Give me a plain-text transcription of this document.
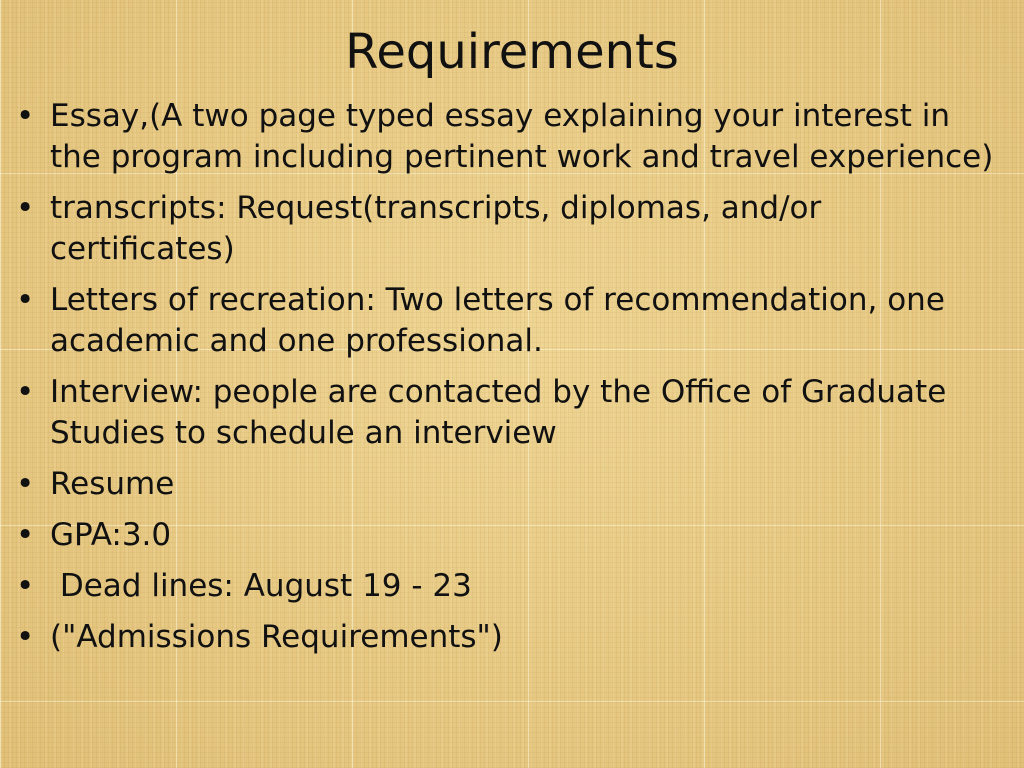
Requirements
• Essay,(A two page typed essay explaining your interest in the program including pertinent work and travel experience)
• transcripts: Request(transcripts, diplomas, and/or certificates)
• Letters of recreation: Two letters of recommendation, one academic and one professional.
• Interview: people are contacted by the Office of Graduate Studies to schedule an interview
• Resume
• GPA:3.0
• Dead lines: August 19 - 23
• ("Admissions Requirements")
